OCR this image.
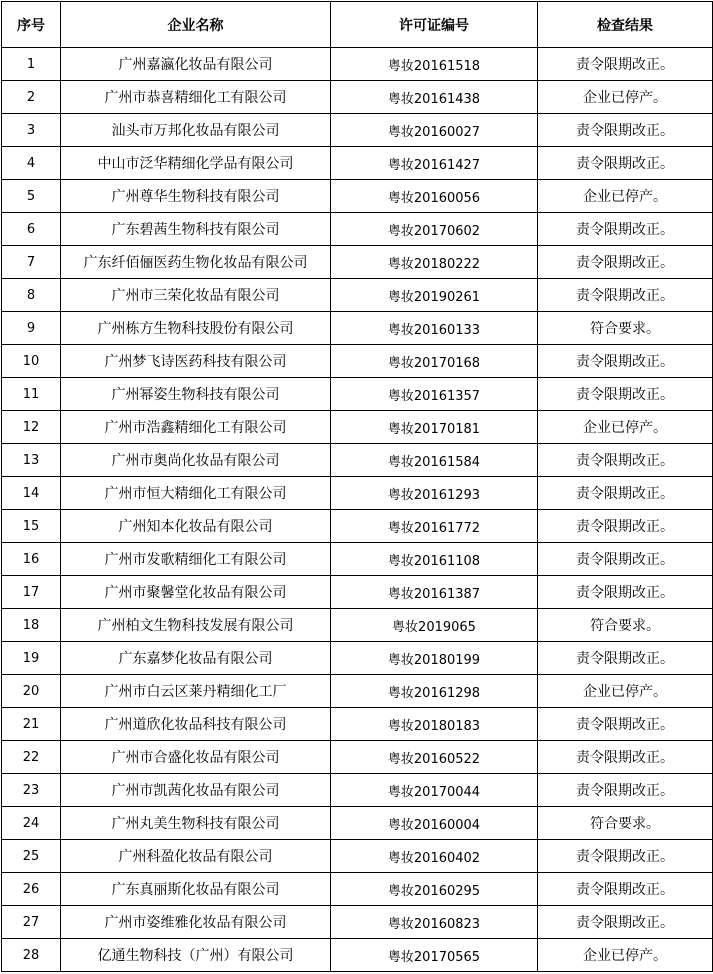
序号	企业名称	许可证编号	检查结果
1	广州嘉瀛化妆品有限公司	粤妆20161518	责令限期改正。
2	广州市恭喜精细化工有限公司	粤妆20161438	企业已停产。
3	汕头市万邦化妆品有限公司	粤妆20160027	责令限期改正。
4	中山市泛华精细化学品有限公司	粤妆20161427	责令限期改正。
5	广州尊华生物科技有限公司	粤妆20160056	企业已停产。
6	广东碧茜生物科技有限公司	粤妆20170602	责令限期改正。
7	广东纤佰俪医药生物化妆品有限公司	粤妆20180222	责令限期改正。
8	广州市三荣化妆品有限公司	粤妆20190261	责令限期改正。
9	广州栋方生物科技股份有限公司	粤妆20160133	符合要求。
10	广州梦飞诗医药科技有限公司	粤妆20170168	责令限期改正。
11	广州幂姿生物科技有限公司	粤妆20161357	责令限期改正。
12	广州市浩鑫精细化工有限公司	粤妆20170181	企业已停产。
13	广州市奥尚化妆品有限公司	粤妆20161584	责令限期改正。
14	广州市恒大精细化工有限公司	粤妆20161293	责令限期改正。
15	广州知本化妆品有限公司	粤妆20161772	责令限期改正。
16	广州市发歌精细化工有限公司	粤妆20161108	责令限期改正。
17	广州市聚馨堂化妆品有限公司	粤妆20161387	责令限期改正。
18	广州柏文生物科技发展有限公司	粤妆2019065	符合要求。
19	广东嘉梦化妆品有限公司	粤妆20180199	责令限期改正。
20	广州市白云区莱丹精细化工厂	粤妆20161298	企业已停产。
21	广州道欣化妆品科技有限公司	粤妆20180183	责令限期改正。
22	广州市合盛化妆品有限公司	粤妆20160522	责令限期改正。
23	广州市凯茜化妆品有限公司	粤妆20170044	责令限期改正。
24	广州丸美生物科技有限公司	粤妆20160004	符合要求。
25	广州科盈化妆品有限公司	粤妆20160402	责令限期改正。
26	广东真丽斯化妆品有限公司	粤妆20160295	责令限期改正。
27	广州市姿维雅化妆品有限公司	粤妆20160823	责令限期改正。
28	亿通生物科技（广州）有限公司	粤妆20170565	企业已停产。
